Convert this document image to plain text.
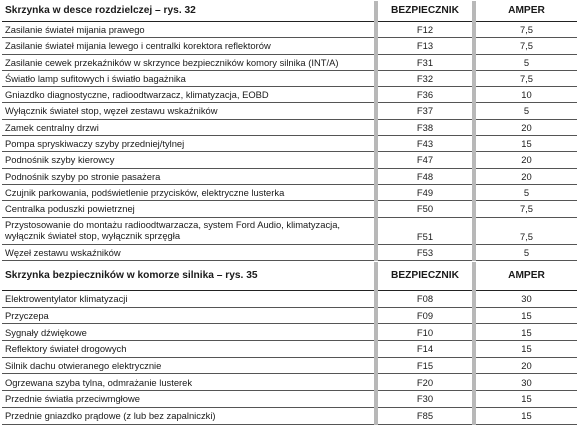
Skrzynka w desce rozdzielczej – rys. 32	BEZPIECZNIK	AMPER
Zasilanie świateł mijania prawego	F12	7,5
Zasilanie świateł mijania lewego i centralki korektora reflektorów	F13	7,5
Zasilanie cewek przekaźników w skrzynce bezpieczników komory silnika (INT/A)	F31	5
Światło lamp sufitowych i światło bagażnika	F32	7,5
Gniazdko diagnostyczne, radioodtwarzacz, klimatyzacja, EOBD	F36	10
Wyłącznik świateł stop, węzeł zestawu wskaźników	F37	5
Zamek centralny drzwi	F38	20
Pompa spryskiwaczy szyby przedniej/tylnej	F43	15
Podnośnik szyby kierowcy	F47	20
Podnośnik szyby po stronie pasażera	F48	20
Czujnik parkowania, podświetlenie przycisków, elektryczne lusterka	F49	5
Centralka poduszki powietrznej	F50	7,5
Przystosowanie do montażu radioodtwarzacza, system Ford Audio, klimatyzacja, wyłącznik świateł stop, wyłącznik sprzęgła	F51	7,5
Węzeł zestawu wskaźników	F53	5
Skrzynka bezpieczników w komorze silnika – rys. 35	BEZPIECZNIK	AMPER
Elektrowentylator klimatyzacji	F08	30
Przyczepa	F09	15
Sygnały dźwiękowe	F10	15
Reflektory świateł drogowych	F14	15
Silnik dachu otwieranego elektrycznie	F15	20
Ogrzewana szyba tylna, odmrażanie lusterek	F20	30
Przednie światła przeciwmgłowe	F30	15
Przednie gniazdko prądowe (z lub bez zapalniczki)	F85	15
